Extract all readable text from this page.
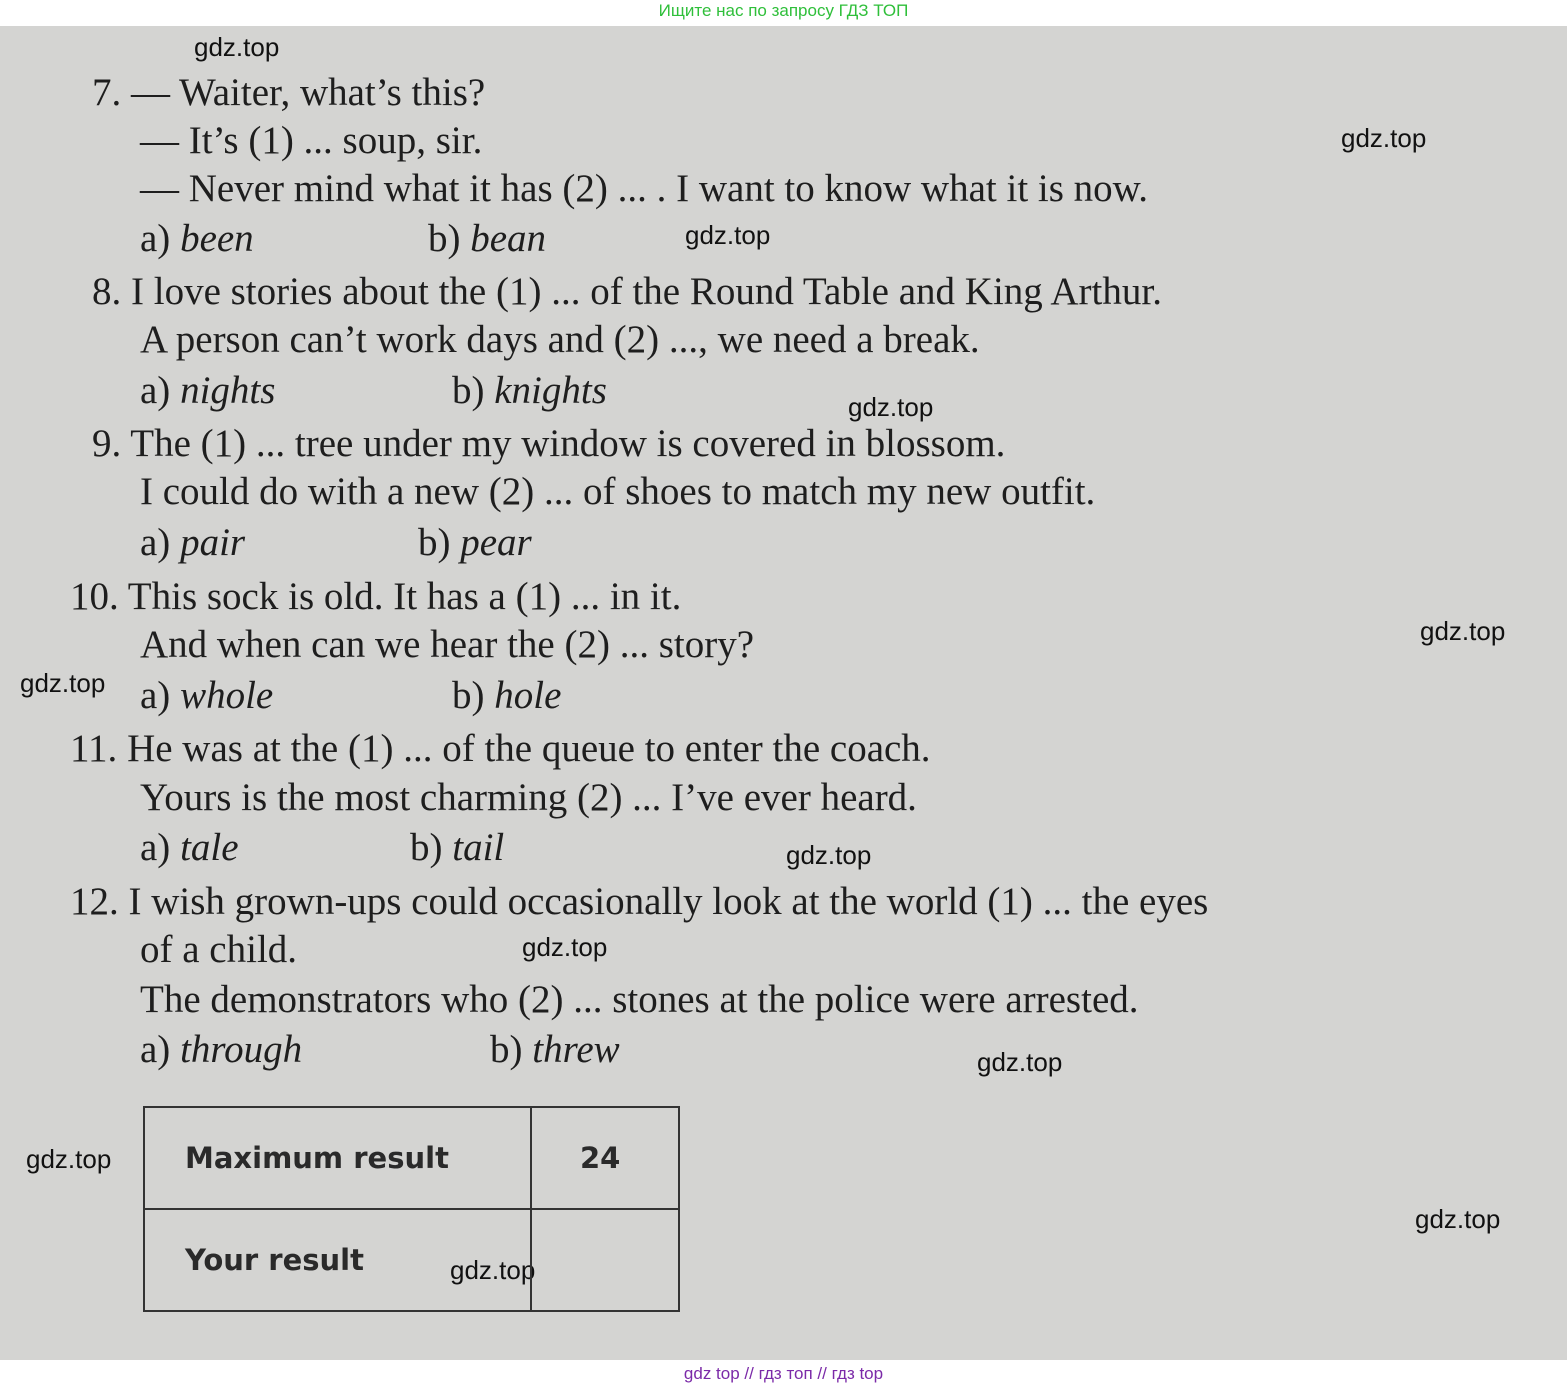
Ищите нас по запросу ГДЗ ТОП

7. — Waiter, what’s this?
— It’s (1) ... soup, sir.
— Never mind what it has (2) ... . I want to know what it is now.
a) been	b) bean
8. I love stories about the (1) ... of the Round Table and King Arthur.
A person can’t work days and (2) ..., we need a break.
a) nights	b) knights
9. The (1) ... tree under my window is covered in blossom.
I could do with a new (2) ... of shoes to match my new outfit.
a) pair	b) pear
10. This sock is old. It has a (1) ... in it.
And when can we hear the (2) ... story?
a) whole	b) hole
11. He was at the (1) ... of the queue to enter the coach.
Yours is the most charming (2) ... I’ve ever heard.
a) tale	b) tail
12. I wish grown-ups could occasionally look at the world (1) ... the eyes
of a child.
The demonstrators who (2) ... stones at the police were arrested.
a) through	b) threw
gdz.top
gdz.top
gdz.top
gdz.top
gdz.top
gdz.top
gdz.top
gdz.top
gdz.top
gdz.top
gdz.top
gdz.top
Maximum result	24
Your result	
gdz top // гдз топ // гдз top
